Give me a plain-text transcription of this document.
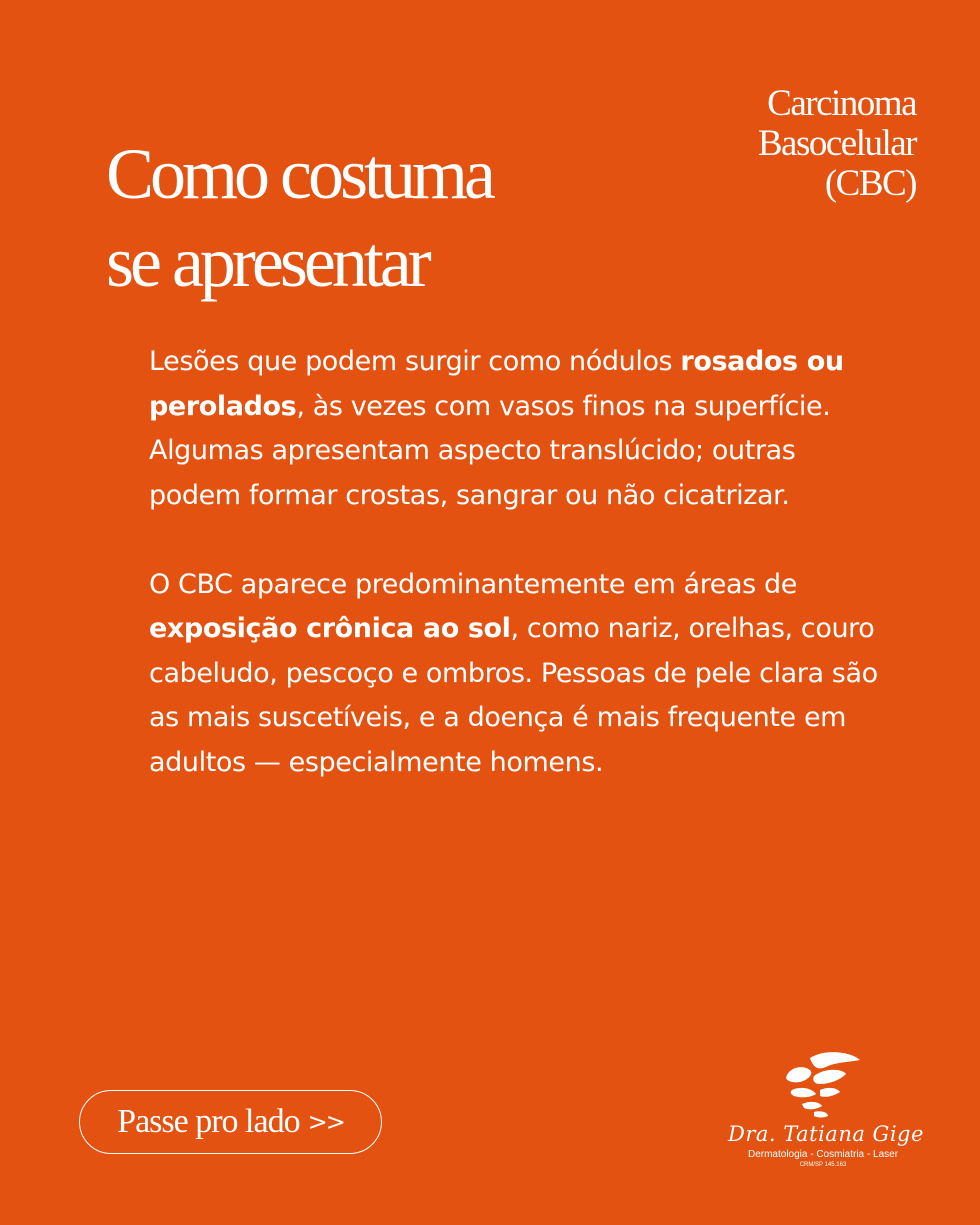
Carcinoma
Basocelular
(CBC)
Como costuma
se apresentar

Lesões que podem surgir como nódulos rosados ou perolados, às vezes com vasos finos na superfície. Algumas apresentam aspecto translúcido; outras podem formar crostas, sangrar ou não cicatrizar.

O CBC aparece predominantemente em áreas de exposição crônica ao sol, como nariz, orelhas, couro cabeludo, pescoço e ombros. Pessoas de pele clara são as mais suscetíveis, e a doença é mais frequente em adultos — especialmente homens.

Passe pro lado >>	Dra. Tatiana Gige
Dermatologia - Cosmiatria - Laser
CRM/SP 145.163
